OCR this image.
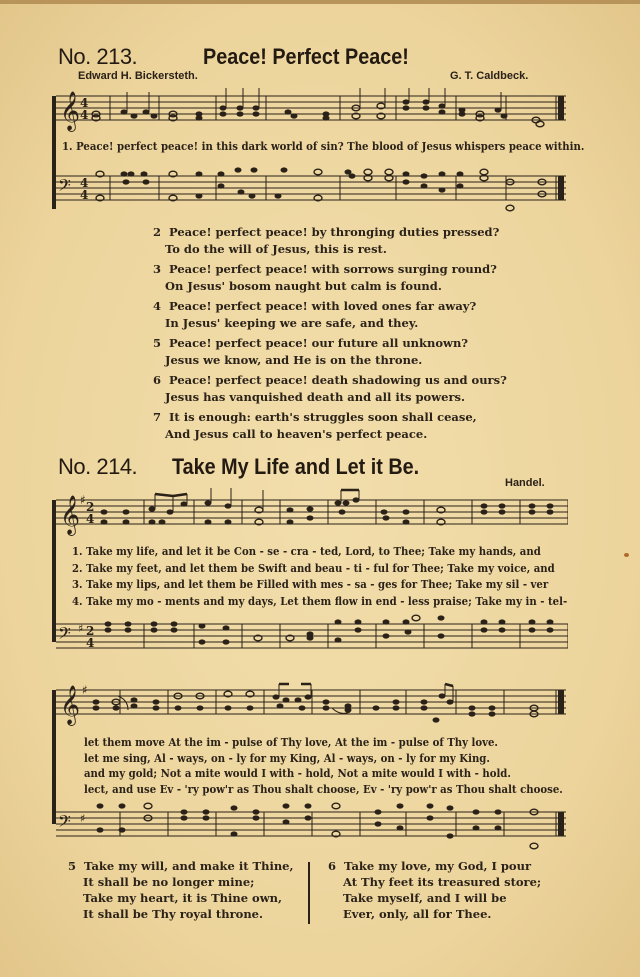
No. 213.	Peace! Perfect Peace!
Edward H. Bickersteth.	G. T. Caldbeck.
𝄞 4
4
1. Peace! perfect peace! in this dark world of sin? The blood of Jesus whispers peace within.
𝄢 4
4
2 Peace! perfect peace! by thronging duties pressed?
To do the will of Jesus, this is rest.
3 Peace! perfect peace! with sorrows surging round?
On Jesus' bosom naught but calm is found.
4 Peace! perfect peace! with loved ones far away?
In Jesus' keeping we are safe, and they.
5 Peace! perfect peace! our future all unknown?
Jesus we know, and He is on the throne.
6 Peace! perfect peace! death shadowing us and ours?
Jesus has vanquished death and all its powers.
7 It is enough: earth's struggles soon shall cease,
And Jesus call to heaven's perfect peace.
No. 214. Take My Life and Let it Be.
Handel.
𝄞 ♯ 2
4
1. Take my life, and let it be Con - se - cra - ted, Lord, to Thee; Take my hands, and
2. Take my feet, and let them be Swift and beau - ti - ful for Thee; Take my voice, and
3. Take my lips, and let them be Filled with mes - sa - ges for Thee; Take my sil - ver
4. Take my mo - ments and my days, Let them flow in end - less praise; Take my in - tel-
𝄢 ♯ 2
4
𝄞 ♯
let them move At the im - pulse of Thy love, At the im - pulse of Thy love.
let me sing, Al - ways, on - ly for my King, Al - ways, on - ly for my King.
and my gold; Not a mite would I with - hold, Not a mite would I with - hold.
lect, and use Ev - 'ry pow'r as Thou shalt choose, Ev - 'ry pow'r as Thou shalt choose.
𝄢 ♯
5 Take my will, and make it Thine,
It shall be no longer mine;
Take my heart, it is Thine own,
It shall be Thy royal throne.
6 Take my love, my God, I pour
At Thy feet its treasured store;
Take myself, and I will be
Ever, only, all for Thee.
